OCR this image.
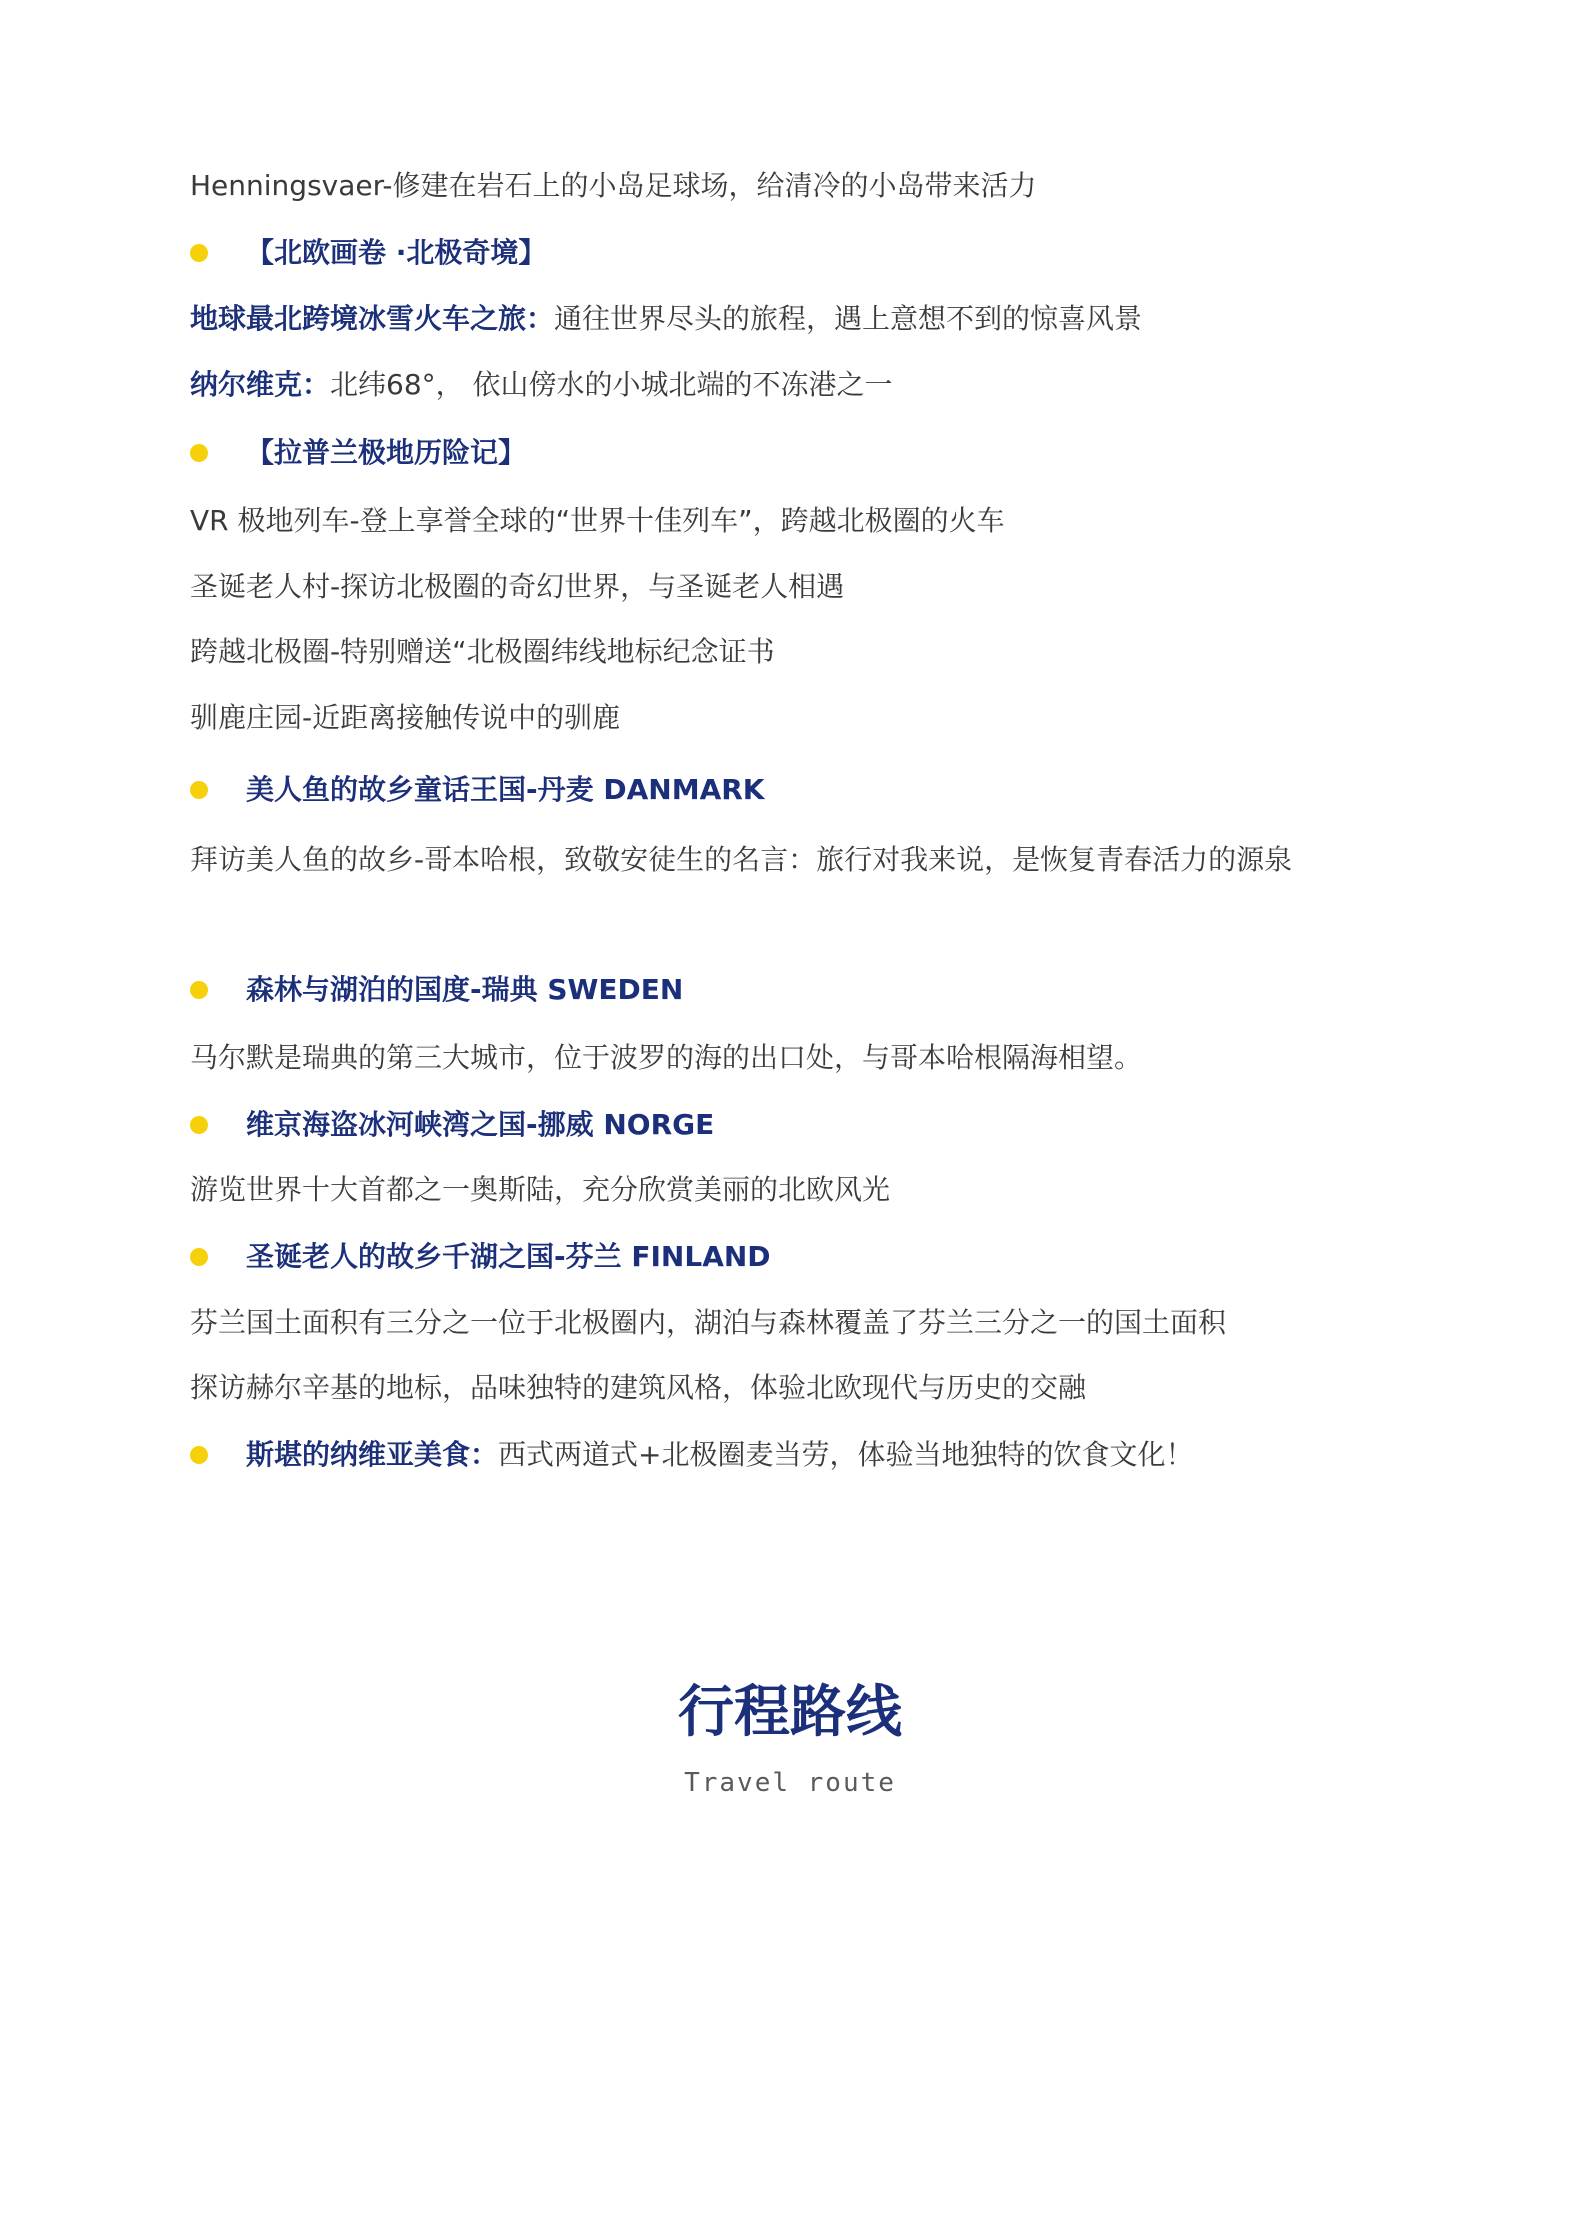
Henningsvaer-修建在岩石上的小岛足球场，给清冷的小岛带来活力
【北欧画卷 ·北极奇境】
地球最北跨境冰雪火车之旅：通往世界尽头的旅程，遇上意想不到的惊喜风景
纳尔维克：北纬68°， 依山傍水的小城北端的不冻港之一
【拉普兰极地历险记】
VR 极地列车-登上享誉全球的“世界十佳列车”，跨越北极圈的火车
圣诞老人村-探访北极圈的奇幻世界，与圣诞老人相遇
跨越北极圈-特别赠送“北极圈纬线地标纪念证书
驯鹿庄园-近距离接触传说中的驯鹿
美人鱼的故乡童话王国-丹麦 DANMARK
拜访美人鱼的故乡-哥本哈根，致敬安徒生的名言：旅行对我来说，是恢复青春活力的源泉
森林与湖泊的国度-瑞典 SWEDEN
马尔默是瑞典的第三大城市，位于波罗的海的出口处，与哥本哈根隔海相望。
维京海盗冰河峡湾之国-挪威 NORGE
游览世界十大首都之一奥斯陆，充分欣赏美丽的北欧风光
圣诞老人的故乡千湖之国-芬兰 FINLAND
芬兰国土面积有三分之一位于北极圈内，湖泊与森林覆盖了芬兰三分之一的国土面积
探访赫尔辛基的地标，品味独特的建筑风格，体验北欧现代与历史的交融
斯堪的纳维亚美食：西式两道式+北极圈麦当劳，体验当地独特的饮食文化！
行程路线
Travel route
